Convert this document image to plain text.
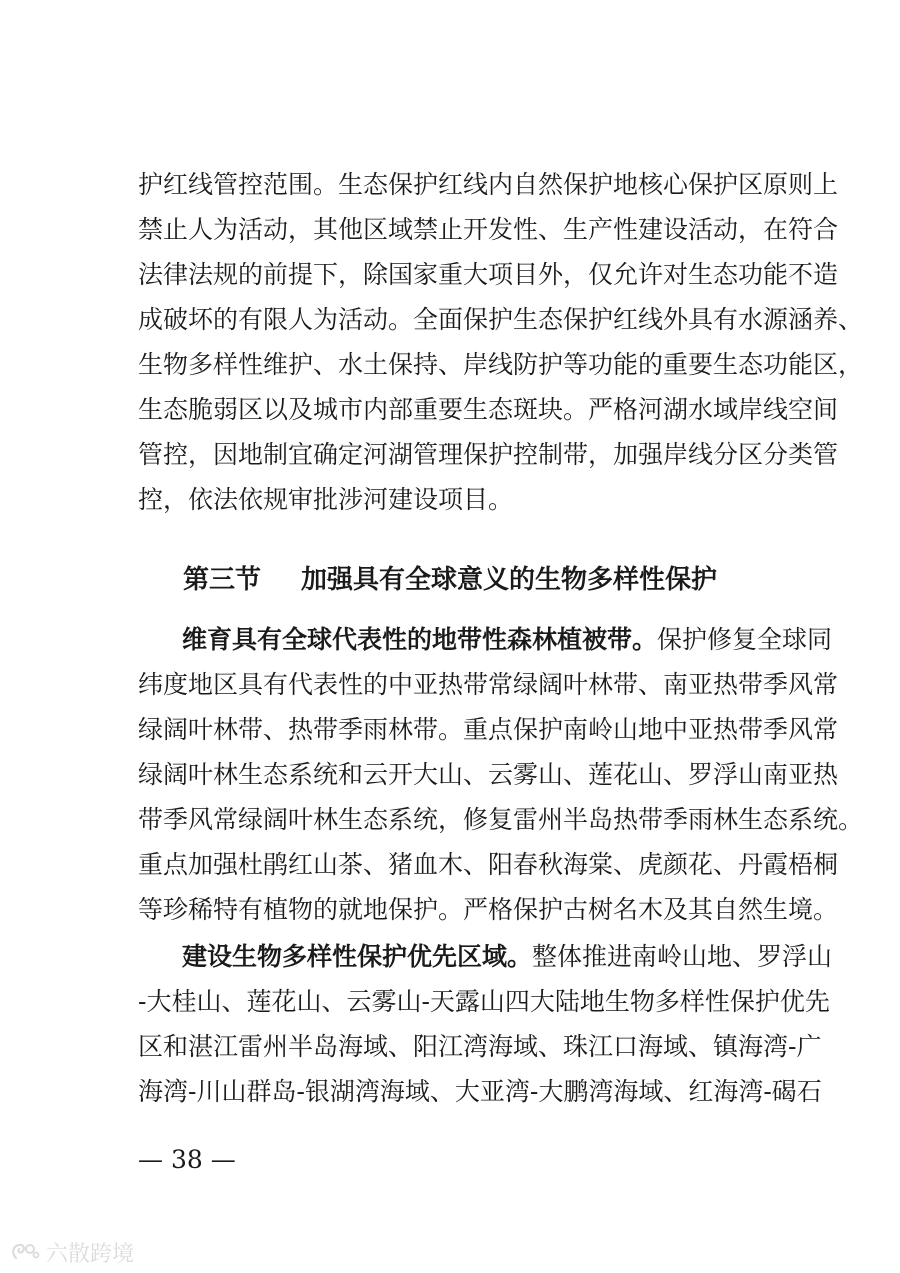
护红线管控范围。生态保护红线内自然保护地核心保护区原则上
禁止人为活动，其他区域禁止开发性、生产性建设活动，在符合
法律法规的前提下，除国家重大项目外，仅允许对生态功能不造
成破坏的有限人为活动。全面保护生态保护红线外具有水源涵养、
生物多样性维护、水土保持、岸线防护等功能的重要生态功能区，
生态脆弱区以及城市内部重要生态斑块。严格河湖水域岸线空间
管控，因地制宜确定河湖管理保护控制带，加强岸线分区分类管
控，依法依规审批涉河建设项目。
第三节 加强具有全球意义的生物多样性保护
维育具有全球代表性的地带性森林植被带。保护修复全球同
纬度地区具有代表性的中亚热带常绿阔叶林带、南亚热带季风常
绿阔叶林带、热带季雨林带。重点保护南岭山地中亚热带季风常
绿阔叶林生态系统和云开大山、云雾山、莲花山、罗浮山南亚热
带季风常绿阔叶林生态系统，修复雷州半岛热带季雨林生态系统。
重点加强杜鹃红山茶、猪血木、阳春秋海棠、虎颜花、丹霞梧桐
等珍稀特有植物的就地保护。严格保护古树名木及其自然生境。
建设生物多样性保护优先区域。整体推进南岭山地、罗浮山
-大桂山、莲花山、云雾山-天露山四大陆地生物多样性保护优先
区和湛江雷州半岛海域、阳江湾海域、珠江口海域、镇海湾-广
海湾-川山群岛-银湖湾海域、大亚湾-大鹏湾海域、红海湾-碣石
— 38 —
六散跨境
